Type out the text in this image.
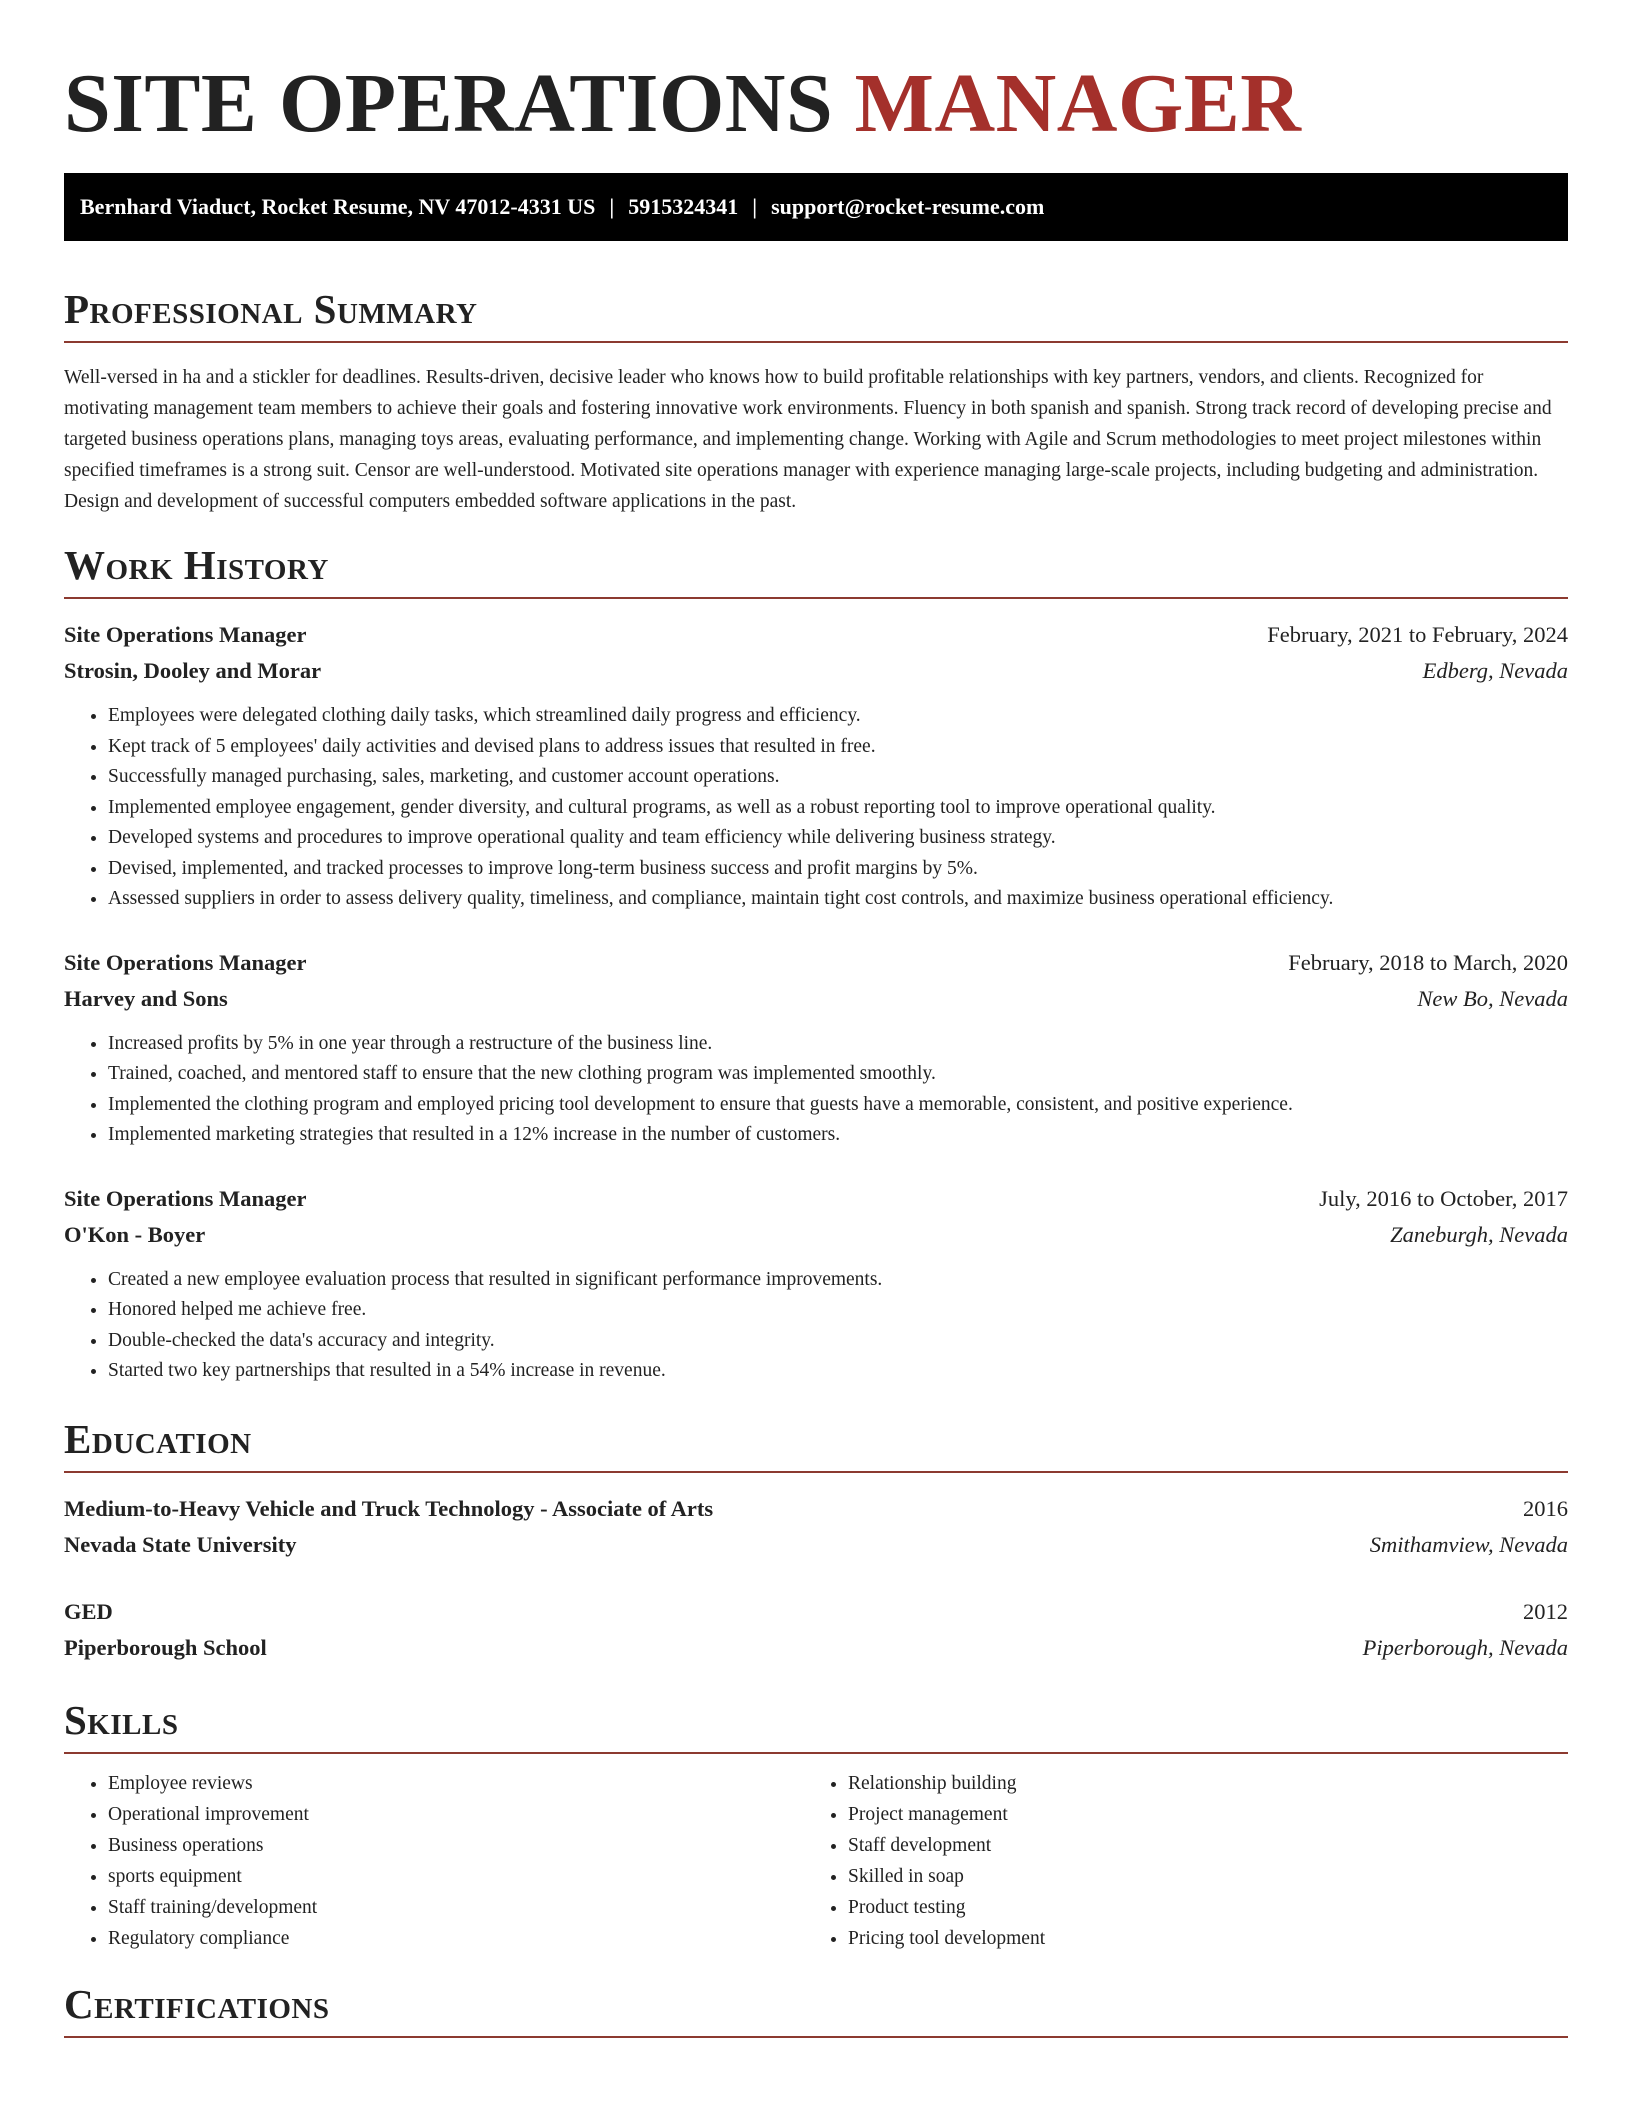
SITE OPERATIONS MANAGER
Bernhard Viaduct, Rocket Resume, NV 47012-4331 US | 5915324341 | support@rocket-resume.com
Professional Summary

Well-versed in ha and a stickler for deadlines. Results-driven, decisive leader who knows how to build profitable relationships with key partners, vendors, and clients. Recognized for motivating management team members to achieve their goals and fostering innovative work environments. Fluency in both spanish and spanish. Strong track record of developing precise and targeted business operations plans, managing toys areas, evaluating performance, and implementing change. Working with Agile and Scrum methodologies to meet project milestones within specified timeframes is a strong suit. Censor are well-understood. Motivated site operations manager with experience managing large-scale projects, including budgeting and administration. Design and development of successful computers embedded software applications in the past.

Work History
Site Operations Manager	February, 2021 to February, 2024
Strosin, Dooley and Morar	Edberg, Nevada
• Employees were delegated clothing daily tasks, which streamlined daily progress and efficiency.
• Kept track of 5 employees' daily activities and devised plans to address issues that resulted in free.
• Successfully managed purchasing, sales, marketing, and customer account operations.
• Implemented employee engagement, gender diversity, and cultural programs, as well as a robust reporting tool to improve operational quality.
• Developed systems and procedures to improve operational quality and team efficiency while delivering business strategy.
• Devised, implemented, and tracked processes to improve long-term business success and profit margins by 5%.
• Assessed suppliers in order to assess delivery quality, timeliness, and compliance, maintain tight cost controls, and maximize business operational efficiency.
Site Operations Manager	February, 2018 to March, 2020
Harvey and Sons	New Bo, Nevada
• Increased profits by 5% in one year through a restructure of the business line.
• Trained, coached, and mentored staff to ensure that the new clothing program was implemented smoothly.
• Implemented the clothing program and employed pricing tool development to ensure that guests have a memorable, consistent, and positive experience.
• Implemented marketing strategies that resulted in a 12% increase in the number of customers.
Site Operations Manager	July, 2016 to October, 2017
O'Kon - Boyer	Zaneburgh, Nevada
• Created a new employee evaluation process that resulted in significant performance improvements.
• Honored helped me achieve free.
• Double-checked the data's accuracy and integrity.
• Started two key partnerships that resulted in a 54% increase in revenue.
Education
Medium-to-Heavy Vehicle and Truck Technology - Associate of Arts	2016
Nevada State University	Smithamview, Nevada
GED	2012
Piperborough School	Piperborough, Nevada
Skills
• Employee reviews
• Operational improvement
• Business operations
• sports equipment
• Staff training/development
• Regulatory compliance
• Relationship building
• Project management
• Staff development
• Skilled in soap
• Product testing
• Pricing tool development
Certifications
